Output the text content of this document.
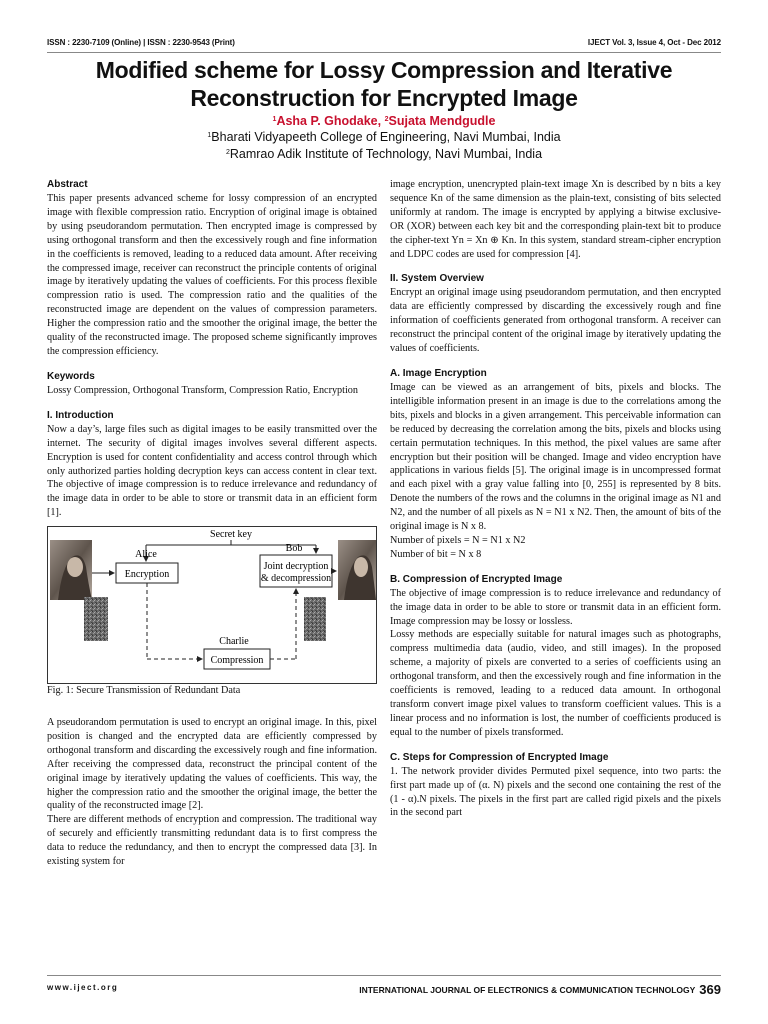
ISSN : 2230-7109 (Online) | ISSN : 2230-9543 (Print)	IJECT Vol. 3, Issue 4, Oct - Dec 2012
Modified scheme for Lossy Compression and Iterative
Reconstruction for Encrypted Image
$^1$Asha P. Ghodake, $^2$Sujata Mendgudle
$^1$Bharati Vidyapeeth College of Engineering, Navi Mumbai, India
$^2$Ramrao Adik Institute of Technology, Navi Mumbai, India

Abstract

This paper presents advanced scheme for lossy compression of an encrypted image with flexible compression ratio. Encryption of original image is obtained by using pseudorandom permutation. Then encrypted image is compressed by using orthogonal transform and then the excessively rough and fine information in the coefficients is removed, leading to a reduced data amount. After receiving the compressed image, receiver can reconstruct the principle contents of original image by iteratively updating the values of coefficients. For this process flexible compression ratio is used. The compression ratio and the qualities of the reconstructed image are dependent on the values of compression parameters. Higher the compression ratio and the smoother the original image, the better the quality of the reconstructed image. The proposed scheme significantly improves the compression efficiency.

Keywords

Lossy Compression, Orthogonal Transform, Compression Ratio, Encryption

I. Introduction

Now a day’s, large files such as digital images to be easily transmitted over the internet. The security of digital images involves several different aspects. Encryption is used for content confidentiality and access control through which only authorized parties holding decryption keys can access content in clear text. The objective of image compression is to reduce irrelevance and redundancy of the image data in order to be able to store or transmit data in an efficient form [1].

Secret key
Alice
Encryption
Bob
Joint decryption
& decompression
Charlie
Compression

Fig. 1: Secure Transmission of Redundant Data

A pseudorandom permutation is used to encrypt an original image. In this, pixel position is changed and the encrypted data are efficiently compressed by orthogonal transform and discarding the excessively rough and fine information. After receiving the compressed data, reconstruct the principal content of the original image by iteratively updating the values of coefficients. This way, the higher the compression ratio and the smoother the original image, the better the quality of the reconstructed image [2].

There are different methods of encryption and compression. The traditional way of securely and efficiently transmitting redundant data is to first compress the data to reduce the redundancy, and then to encrypt the compressed data [3]. In existing system for

image encryption, unencrypted plain-text image Xn is described by n bits a key sequence Kn of the same dimension as the plain-text, consisting of bits selected uniformly at random. The image is encrypted by applying a bitwise exclusive-OR (XOR) between each key bit and the corresponding plain-text bit to produce the cipher-text Yn = Xn ⊕ Kn. In this system, standard stream-cipher encryption and LDPC codes are used for compression [4].

II. System Overview

Encrypt an original image using pseudorandom permutation, and then encrypted data are efficiently compressed by discarding the excessively rough and fine information of coefficients generated from orthogonal transform. A receiver can reconstruct the principal content of the original image by iteratively updating the values of coefficients.

A. Image Encryption

Image can be viewed as an arrangement of bits, pixels and blocks. The intelligible information present in an image is due to the correlations among the bits, pixels and blocks in a given arrangement. This perceivable information can be reduced by decreasing the correlation among the bits, pixels and blocks using certain permutation techniques. In this method, the pixel values are same after encryption but their position will be changed. Image and video encryption have applications in various fields [5]. The original image is in uncompressed format and each pixel with a gray value falling into [0, 255] is represented by 8 bits. Denote the numbers of the rows and the columns in the original image as N1 and N2, and the number of all pixels as N = N1 x N2. Then, the amount of bits of the original image is N x 8.

Number of pixels = N = N1 x N2

Number of bit = N x 8

B. Compression of Encrypted Image

The objective of image compression is to reduce irrelevance and redundancy of the image data in order to be able to store or transmit data in an efficient form. Image compression may be lossy or lossless.

Lossy methods are especially suitable for natural images such as photographs, compress multimedia data (audio, video, and still images). In the proposed scheme, a majority of pixels are converted to a series of coefficients using an orthogonal transform, and then the excessively rough and fine information in the coefficients is removed, leading to a reduced data amount. In orthogonal transform convert image pixel values to transform coefficient values. This is a linear process and no information is lost, the number of coefficients produced is equal to the number of pixels transformed.

C. Steps for Compression of Encrypted Image

1. The network provider divides Permuted pixel sequence, into two parts: the first part made up of (α. N) pixels and the second one containing the rest of the (1 - α).N pixels. The pixels in the first part are called rigid pixels and the pixels in the second part

www.iject.org	INTERNATIONAL JOURNAL OF ELECTRONICS & COMMUNICATION TECHNOLOGY 369
